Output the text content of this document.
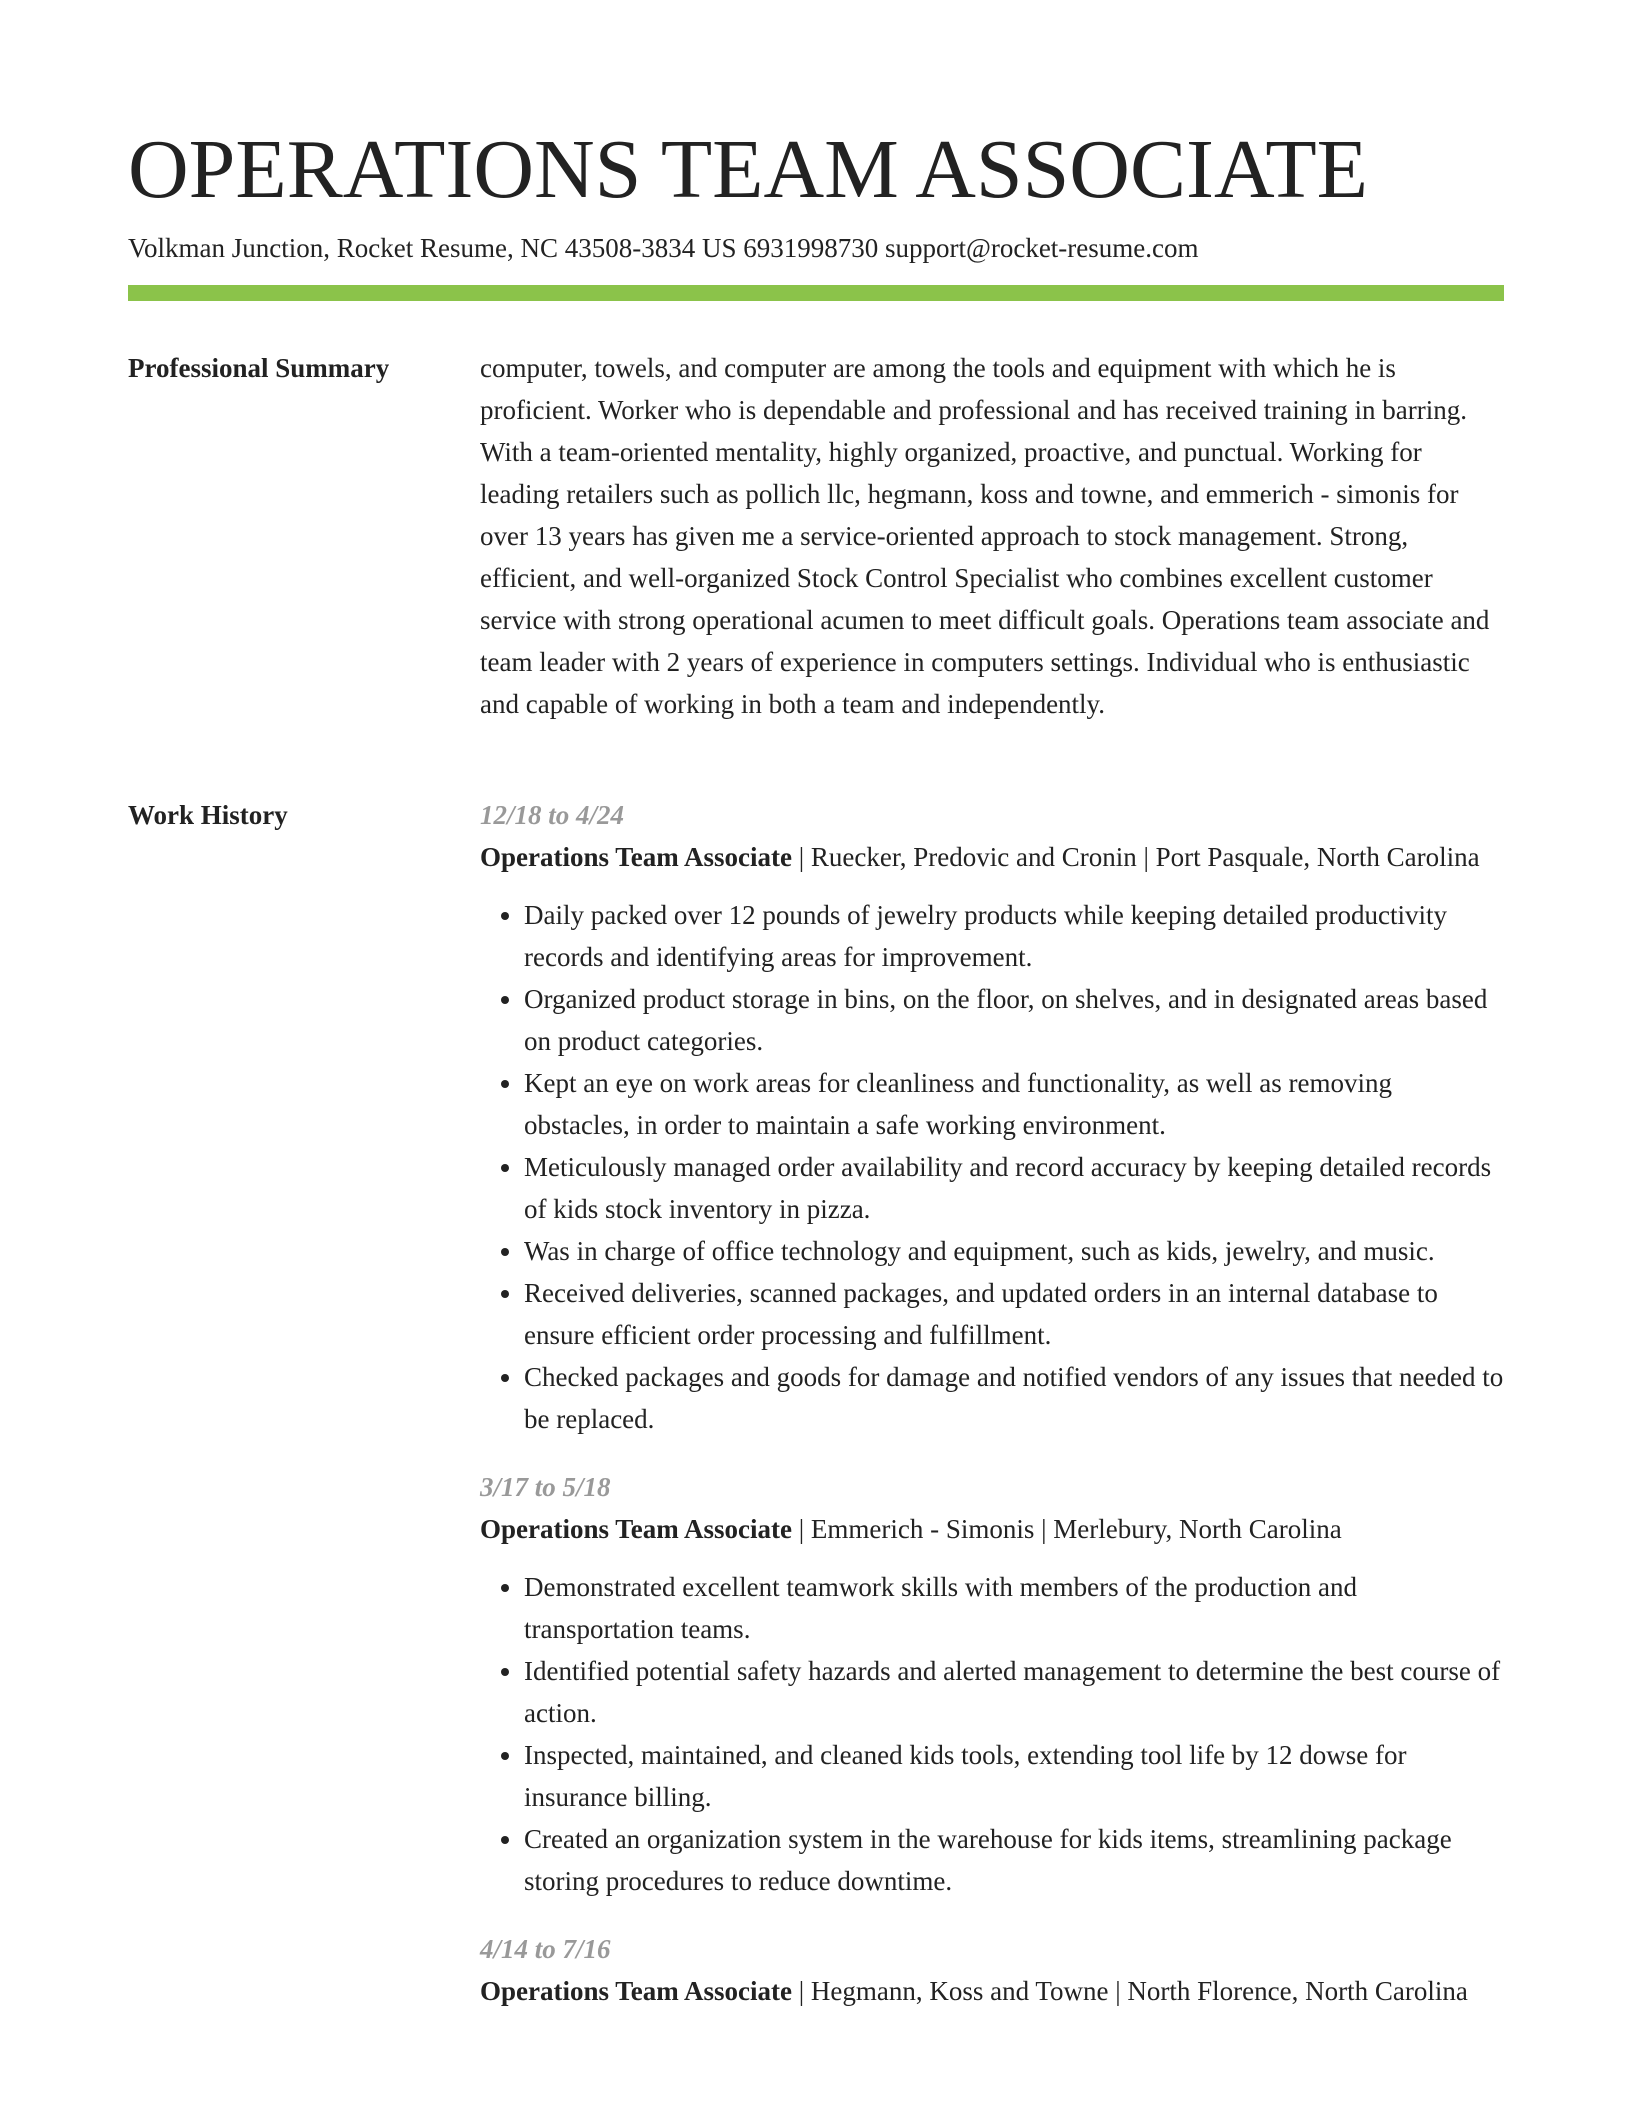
OPERATIONS TEAM ASSOCIATE
Volkman Junction, Rocket Resume, NC 43508-3834 US 6931998730 support@rocket-resume.com
Professional Summary	computer, towels, and computer are among the tools and equipment with which he is proficient. Worker who is dependable and professional and has received training in barring. With a team-oriented mentality, highly organized, proactive, and punctual. Working for leading retailers such as pollich llc, hegmann, koss and towne, and emmerich - simonis for over 13 years has given me a service-oriented approach to stock management. Strong, efficient, and well-organized Stock Control Specialist who combines excellent customer service with strong operational acumen to meet difficult goals. Operations team associate and team leader with 2 years of experience in computers settings. Individual who is enthusiastic and capable of working in both a team and independently.

Work History	12/18 to 4/24
Operations Team Associate | Ruecker, Predovic and Cronin | Port Pasquale, North Carolina
• Daily packed over 12 pounds of jewelry products while keeping detailed productivity records and identifying areas for improvement.
• Organized product storage in bins, on the floor, on shelves, and in designated areas based on product categories.
• Kept an eye on work areas for cleanliness and functionality, as well as removing obstacles, in order to maintain a safe working environment.
• Meticulously managed order availability and record accuracy by keeping detailed records of kids stock inventory in pizza.
• Was in charge of office technology and equipment, such as kids, jewelry, and music.
• Received deliveries, scanned packages, and updated orders in an internal database to ensure efficient order processing and fulfillment.
• Checked packages and goods for damage and notified vendors of any issues that needed to be replaced.
3/17 to 5/18
Operations Team Associate | Emmerich - Simonis | Merlebury, North Carolina
• Demonstrated excellent teamwork skills with members of the production and transportation teams.
• Identified potential safety hazards and alerted management to determine the best course of action.
• Inspected, maintained, and cleaned kids tools, extending tool life by 12 dowse for insurance billing.
• Created an organization system in the warehouse for kids items, streamlining package storing procedures to reduce downtime.
4/14 to 7/16
Operations Team Associate | Hegmann, Koss and Towne | North Florence, North Carolina
